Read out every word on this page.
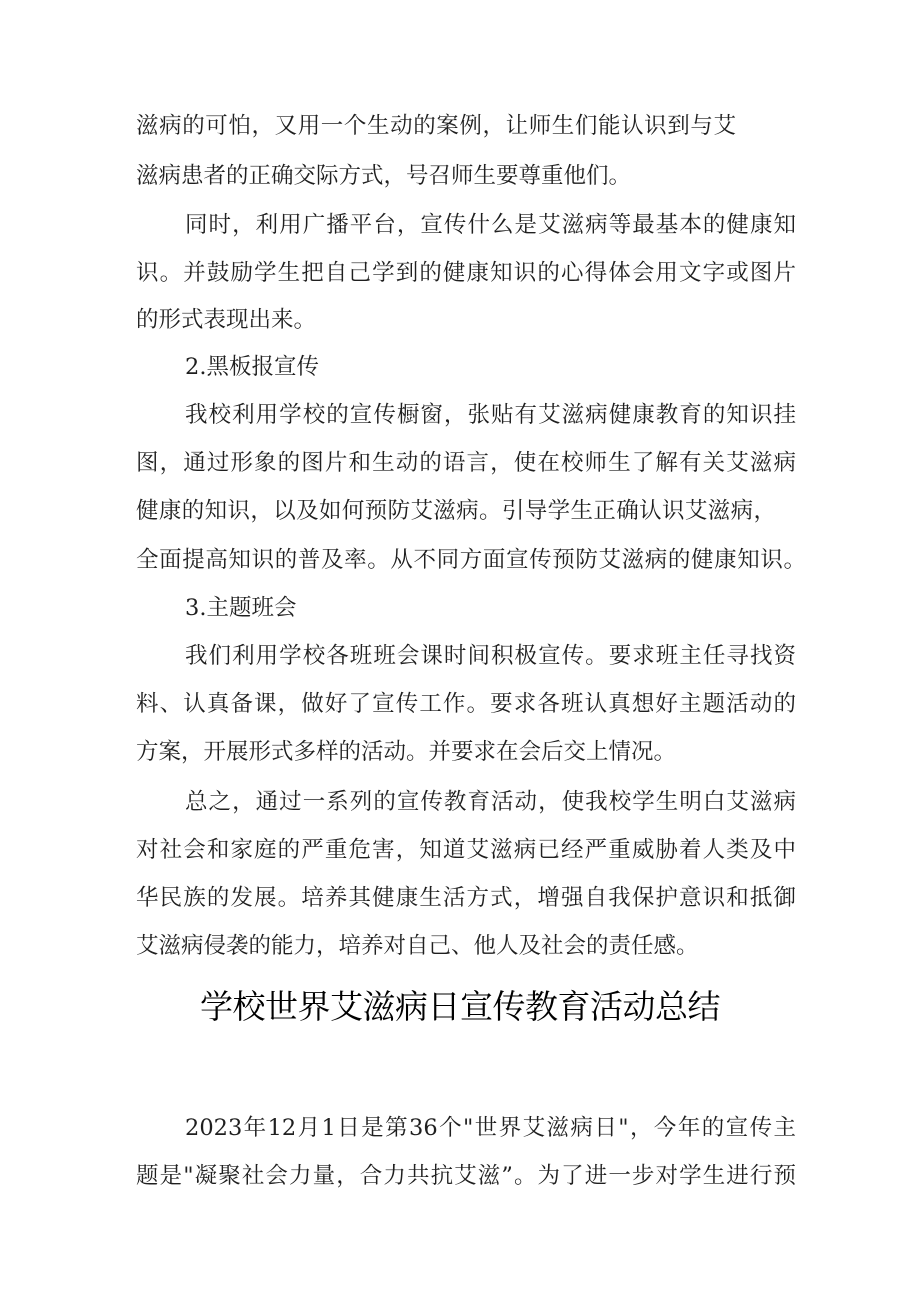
滋病的可怕，又用一个生动的案例，让师生们能认识到与艾
滋病患者的正确交际方式，号召师生要尊重他们。
同时，利用广播平台，宣传什么是艾滋病等最基本的健康知
识。并鼓励学生把自己学到的健康知识的心得体会用文字或图片
的形式表现出来。
2.黑板报宣传
我校利用学校的宣传橱窗，张贴有艾滋病健康教育的知识挂
图，通过形象的图片和生动的语言，使在校师生了解有关艾滋病
健康的知识，以及如何预防艾滋病。引导学生正确认识艾滋病，
全面提高知识的普及率。从不同方面宣传预防艾滋病的健康知识。
3.主题班会
我们利用学校各班班会课时间积极宣传。要求班主任寻找资
料、认真备课，做好了宣传工作。要求各班认真想好主题活动的
方案，开展形式多样的活动。并要求在会后交上情况。
总之，通过一系列的宣传教育活动，使我校学生明白艾滋病
对社会和家庭的严重危害，知道艾滋病已经严重威胁着人类及中
华民族的发展。培养其健康生活方式，增强自我保护意识和抵御
艾滋病侵袭的能力，培养对自己、他人及社会的责任感。
学校世界艾滋病日宣传教育活动总结
2023年12月1日是第36个"世界艾滋病日"，今年的宣传主
题是"凝聚社会力量，合力共抗艾滋”。为了进一步对学生进行预
